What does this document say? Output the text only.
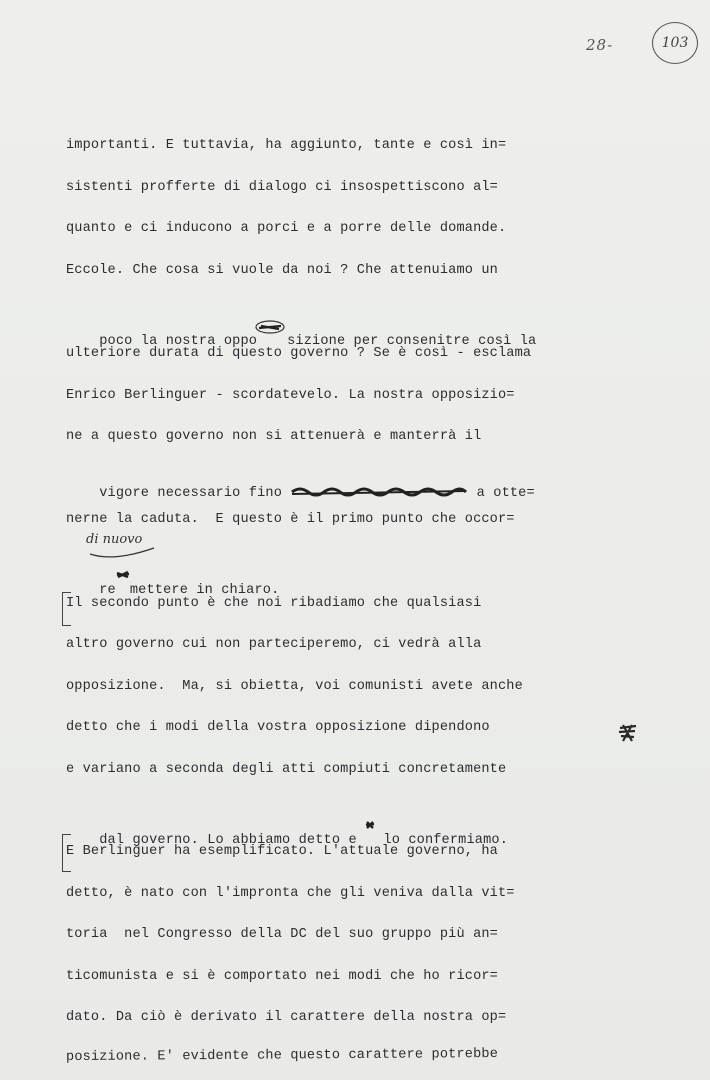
28-	103
importanti. E tuttavia, ha aggiunto, tante e così in=
sistenti profferte di dialogo ci insospettiscono al=
quanto e ci inducono a porci e a porre delle domande.
Eccole. Che cosa si vuole da noi ? Che attenuiamo un

poco la nostra oppo
sizione per consenitre così la

ulteriore durata di questo governo ? Se è così - esclama
Enrico Berlinguer - scordatevelo. La nostra opposizio=
ne a questo governo non si attenuerà e manterrà il

vigore necessario fino
	a otte=

nerne la caduta.  E questo è il primo punto che occor=
di nuovo

re
mettere in chiaro.

Il secondo punto è che noi ribadiamo che qualsiasi
altro governo cui non parteciperemo, ci vedrà alla
opposizione.  Ma, si obietta, voi comunisti avete anche
detto che i modi della vostra opposizione dipendono
e variano a seconda degli atti compiuti concretamente

dal governo. Lo abbiamo detto e
lo confermiamo.

E Berlinguer ha esemplificato. L'attuale governo, ha
detto, è nato con l'impronta che gli veniva dalla vit=
toria  nel Congresso della DC del suo gruppo più an=
ticomunista e si è comportato nei modi che ho ricor=
dato. Da ciò è derivato il carattere della nostra op=
posizione. E' evidente che questo carattere potrebbe
